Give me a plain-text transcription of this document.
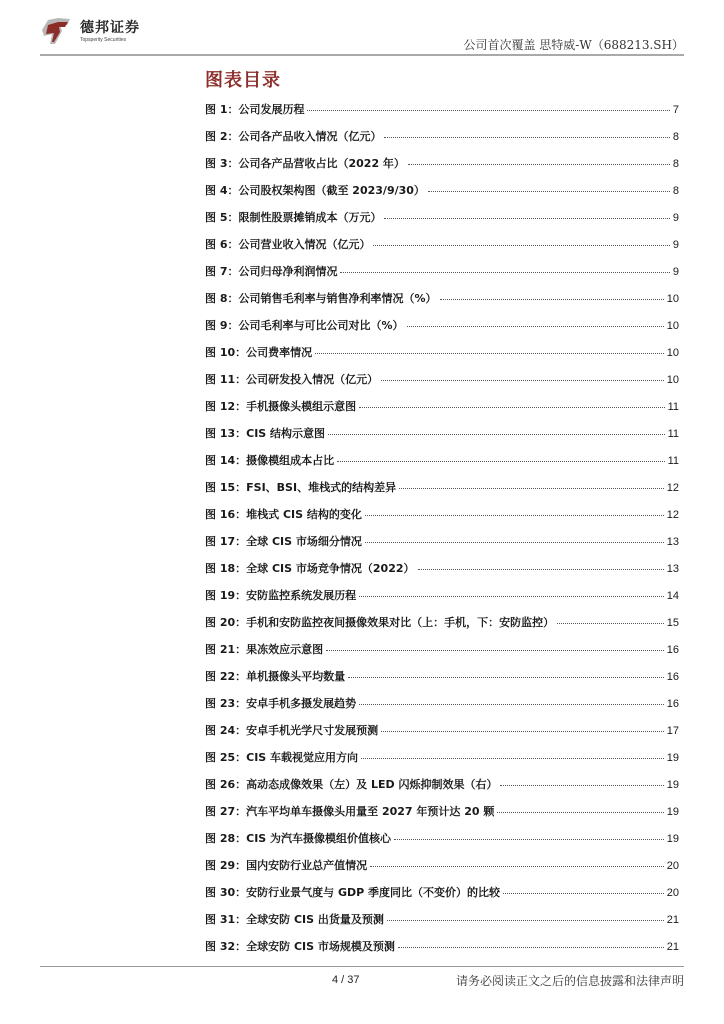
德邦证券
Topsperity Securities	公司首次覆盖 思特威-W（688213.SH）
图表目录
图 1：公司发展历程	7
图 2：公司各产品收入情况（亿元）	8
图 3：公司各产品营收占比（2022 年）	8
图 4：公司股权架构图（截至 2023/9/30）	8
图 5：限制性股票摊销成本（万元）	9
图 6：公司营业收入情况（亿元）	9
图 7：公司归母净利润情况	9
图 8：公司销售毛利率与销售净利率情况（%）	10
图 9：公司毛利率与可比公司对比（%）	10
图 10：公司费率情况	10
图 11：公司研发投入情况（亿元）	10
图 12：手机摄像头模组示意图	11
图 13：CIS 结构示意图	11
图 14：摄像模组成本占比	11
图 15：FSI、BSI、堆栈式的结构差异	12
图 16：堆栈式 CIS 结构的变化	12
图 17：全球 CIS 市场细分情况	13
图 18：全球 CIS 市场竞争情况（2022）	13
图 19：安防监控系统发展历程	14
图 20：手机和安防监控夜间摄像效果对比（上：手机，下：安防监控）	15
图 21：果冻效应示意图	16
图 22：单机摄像头平均数量	16
图 23：安卓手机多摄发展趋势	16
图 24：安卓手机光学尺寸发展预测	17
图 25：CIS 车载视觉应用方向	19
图 26：高动态成像效果（左）及 LED 闪烁抑制效果（右）	19
图 27：汽车平均单车摄像头用量至 2027 年预计达 20 颗	19
图 28：CIS 为汽车摄像模组价值核心	19
图 29：国内安防行业总产值情况	20
图 30：安防行业景气度与 GDP 季度同比（不变价）的比较	20
图 31：全球安防 CIS 出货量及预测	21
图 32：全球安防 CIS 市场规模及预测	21
4 / 37	请务必阅读正文之后的信息披露和法律声明
